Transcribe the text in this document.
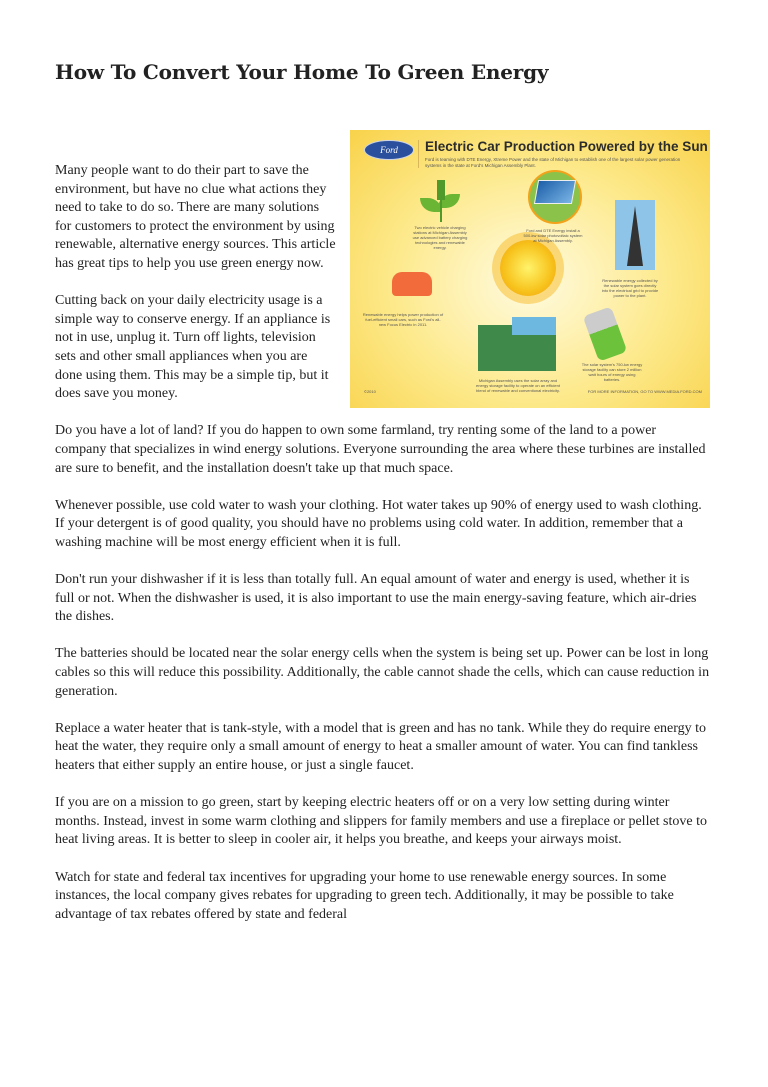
How To Convert Your Home To Green Energy
Ford	Electric Car Production Powered by the Sun
Ford is teaming with DTE Energy, Xtreme Power and the state of Michigan to establish one of the largest solar power generation systems in the state at Ford's Michigan Assembly Plant.
Two electric vehicle charging stations at Michigan Assembly use advanced battery charging technologies and renewable energy.
Ford and DTE Energy install a 500-kw solar photovoltaic system at Michigan Assembly.
Renewable energy collected by the solar system goes directly into the electrical grid to provide power to the plant.
Renewable energy helps power production of fuel-efficient small cars, such as Ford's all-new Focus Electric in 2011.
The solar system's 750-kw energy storage facility can store 2 million watt hours of energy using batteries.
Michigan Assembly uses the solar array and energy storage facility to operate on an efficient blend of renewable and conventional electricity.
©2010	FOR MORE INFORMATION, GO TO WWW.MEDIA.FORD.COM

Many people want to do their part to save the environment, but have no clue what actions they need to take to do so. There are many solutions for customers to protect the environment by using renewable, alternative energy sources. This article has great tips to help you use green energy now.

Cutting back on your daily electricity usage is a simple way to conserve energy. If an appliance is not in use, unplug it. Turn off lights, television sets and other small appliances when you are done using them. This may be a simple tip, but it does save you money.

Do you have a lot of land? If you do happen to own some farmland, try renting some of the land to a power company that specializes in wind energy solutions. Everyone surrounding the area where these turbines are installed are sure to benefit, and the installation doesn't take up that much space.

Whenever possible, use cold water to wash your clothing. Hot water takes up 90% of energy used to wash clothing. If your detergent is of good quality, you should have no problems using cold water. In addition, remember that a washing machine will be most energy efficient when it is full.

Don't run your dishwasher if it is less than totally full. An equal amount of water and energy is used, whether it is full or not. When the dishwasher is used, it is also important to use the main energy-saving feature, which air-dries the dishes.

The batteries should be located near the solar energy cells when the system is being set up. Power can be lost in long cables so this will reduce this possibility. Additionally, the cable cannot shade the cells, which can cause reduction in generation.

Replace a water heater that is tank-style, with a model that is green and has no tank. While they do require energy to heat the water, they require only a small amount of energy to heat a smaller amount of water. You can find tankless heaters that either supply an entire house, or just a single faucet.

If you are on a mission to go green, start by keeping electric heaters off or on a very low setting during winter months. Instead, invest in some warm clothing and slippers for family members and use a fireplace or pellet stove to heat living areas. It is better to sleep in cooler air, it helps you breathe, and keeps your airways moist.

Watch for state and federal tax incentives for upgrading your home to use renewable energy sources. In some instances, the local company gives rebates for upgrading to green tech. Additionally, it may be possible to take advantage of tax rebates offered by state and federal
